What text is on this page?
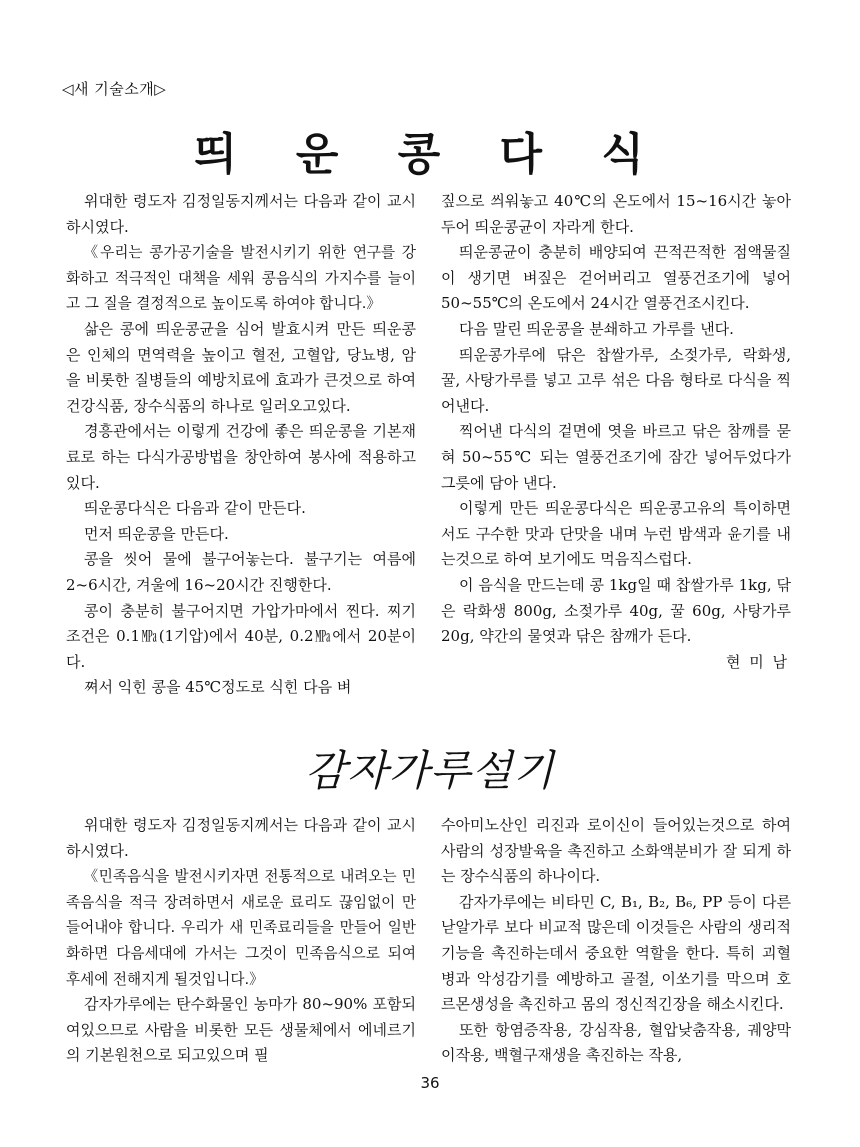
◁새 기술소개▷
띄 운 콩 다 식

위대한 령도자 김정일동지께서는 다음과 같이 교시하시였다.

《우리는 콩가공기술을 발전시키기 위한 연구를 강화하고 적극적인 대책을 세워 콩음식의 가지수를 늘이고 그 질을 결정적으로 높이도록 하여야 합니다.》

삶은 콩에 띄운콩균을 심어 발효시켜 만든 띄운콩은 인체의 면역력을 높이고 혈전, 고혈압, 당뇨병, 암을 비롯한 질병들의 예방치료에 효과가 큰것으로 하여 건강식품, 장수식품의 하나로 일러오고있다.

경흥관에서는 이렇게 건강에 좋은 띄운콩을 기본재료로 하는 다식가공방법을 창안하여 봉사에 적용하고있다.

띄운콩다식은 다음과 같이 만든다.

먼저 띄운콩을 만든다.

콩을 씻어 물에 불구어놓는다. 불구기는 여름에 2~6시간, 겨울에 16~20시간 진행한다.

콩이 충분히 불구어지면 가압가마에서 찐다. 찌기조건은 0.1㎫(1기압)에서 40분, 0.2㎫에서 20분이다.

쪄서 익힌 콩을 45℃정도로 식힌 다음 벼

짚으로 씌워놓고 40℃의 온도에서 15~16시간 놓아두어 띄운콩균이 자라게 한다.

띄운콩균이 충분히 배양되여 끈적끈적한 점액물질이 생기면 벼짚은 걷어버리고 열풍건조기에 넣어 50~55℃의 온도에서 24시간 열풍건조시킨다.

다음 말린 띄운콩을 분쇄하고 가루를 낸다.

띄운콩가루에 닦은 찹쌀가루, 소젖가루, 락화생, 꿀, 사탕가루를 넣고 고루 섞은 다음 형타로 다식을 찍어낸다.

찍어낸 다식의 겉면에 엿을 바르고 닦은 참깨를 묻혀 50~55℃ 되는 열풍건조기에 잠간 넣어두었다가 그릇에 담아 낸다.

이렇게 만든 띄운콩다식은 띄운콩고유의 특이하면서도 구수한 맛과 단맛을 내며 누런 밤색과 윤기를 내는것으로 하여 보기에도 먹음직스럽다.

이 음식을 만드는데 콩 1kg일 때 찹쌀가루 1kg, 닦은 락화생 800g, 소젖가루 40g, 꿀 60g, 사탕가루 20g, 약간의 물엿과 닦은 참깨가 든다.

현 미 남

감자가루설기

위대한 령도자 김정일동지께서는 다음과 같이 교시하시였다.

《민족음식을 발전시키자면 전통적으로 내려오는 민족음식을 적극 장려하면서 새로운 료리도 끊임없이 만들어내야 합니다. 우리가 새 민족료리들을 만들어 일반화하면 다음세대에 가서는 그것이 민족음식으로 되여 후세에 전해지게 될것입니다.》

감자가루에는 탄수화물인 농마가 80~90% 포함되여있으므로 사람을 비롯한 모든 생물체에서 에네르기의 기본원천으로 되고있으며 필

수아미노산인 리진과 로이신이 들어있는것으로 하여 사람의 성장발육을 촉진하고 소화액분비가 잘 되게 하는 장수식품의 하나이다.

감자가루에는 비타민 C, B₁, B₂, B₆, PP 등이 다른 낟알가루 보다 비교적 많은데 이것들은 사람의 생리적기능을 촉진하는데서 중요한 역할을 한다. 특히 괴혈병과 악성감기를 예방하고 골절, 이쏘기를 막으며 호르몬생성을 촉진하고 몸의 정신적긴장을 해소시킨다.

또한 항염증작용, 강심작용, 혈압낮춤작용, 궤양막이작용, 백혈구재생을 촉진하는 작용,

36
